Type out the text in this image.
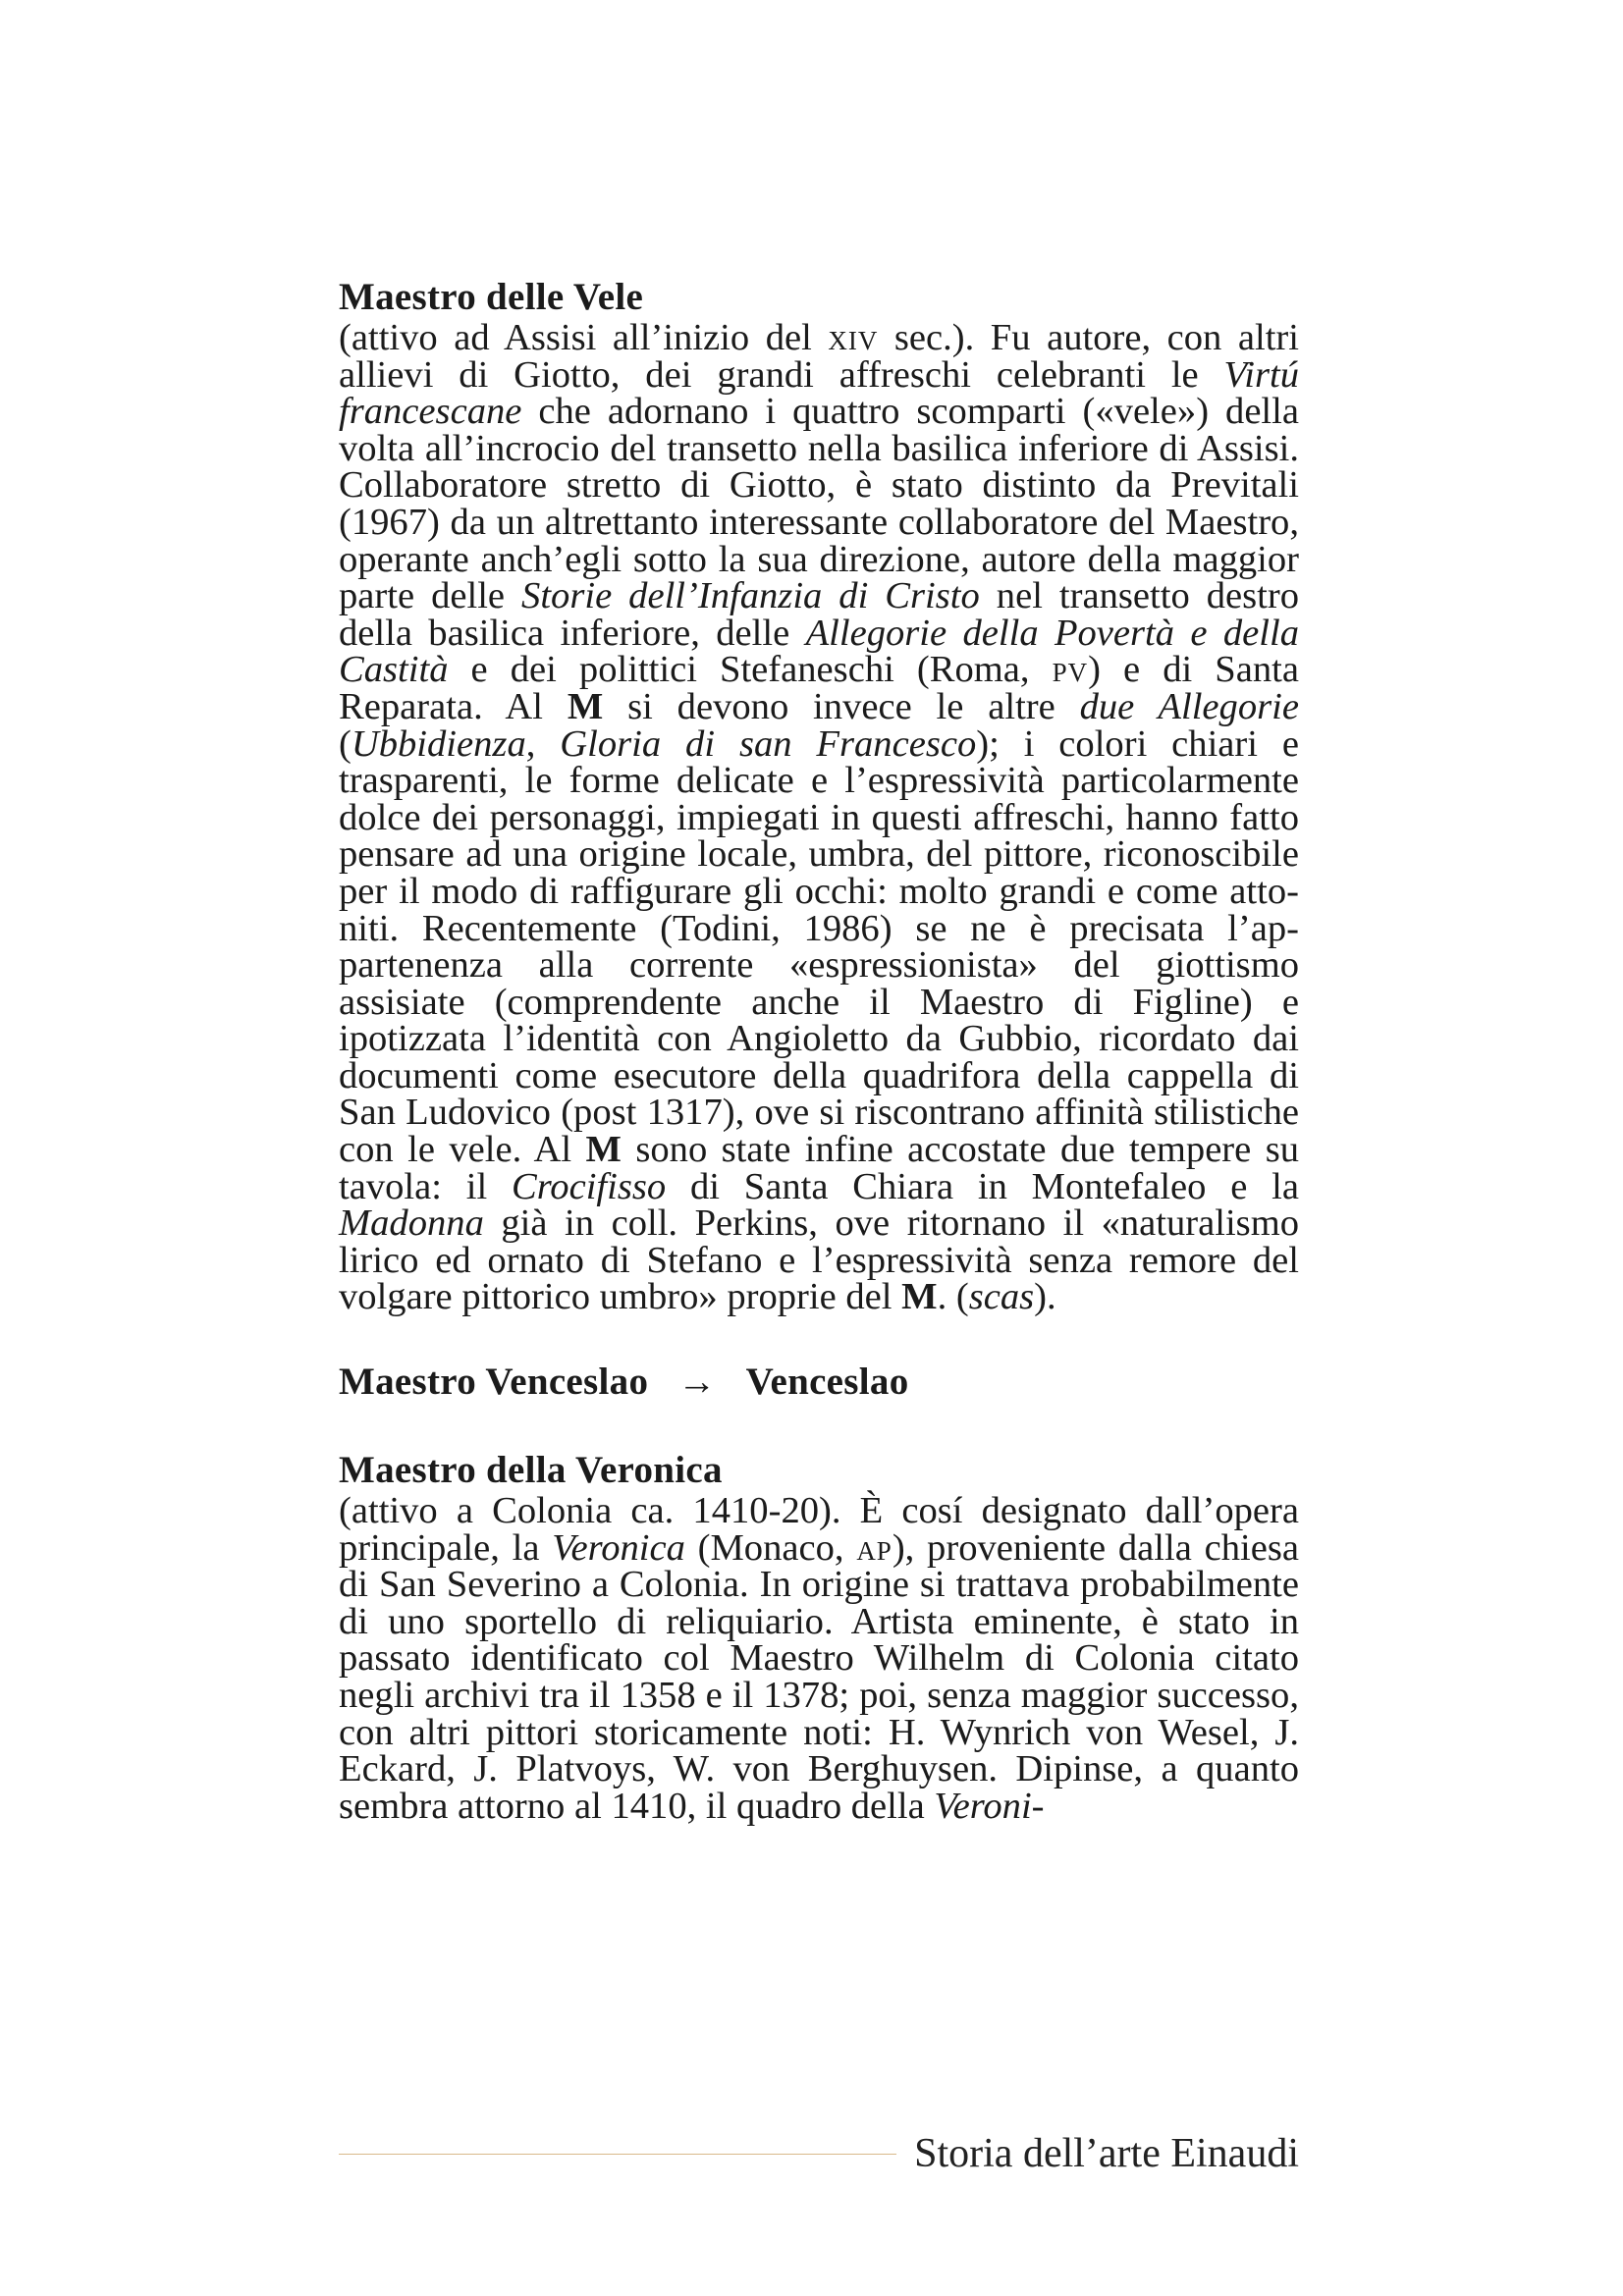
Maestro delle Vele

(attivo ad Assisi all’inizio del xiv sec.). Fu autore, con altri allievi di Giotto, dei grandi affreschi celebranti le Virtú francescane che adornano i quattro scomparti («vele») della volta all’incrocio del transetto nella basilica inferiore di Assisi. Collaboratore stretto di Giotto, è stato distinto da Previtali (1967) da un altrettanto interessante collaboratore del Maestro, operante anch’egli sotto la sua direzione, autore della maggior parte delle Storie dell’Infanzia di Cristo nel transetto destro della basilica inferiore, delle Allegorie della Povertà e della Castità e dei polittici Stefaneschi (Roma, pv) e di Santa Reparata. Al M si devono invece le altre due Allegorie (Ubbidienza, Gloria di san Francesco); i colori chiari e trasparenti, le forme delicate e l’espressività particolarmente dolce dei personaggi, impiegati in questi affreschi, hanno fatto pensare ad una origine locale, umbra, del pittore, riconoscibile per il modo di raffigurare gli occhi: molto grandi e come attoniti. Recentemente (Todini, 1986) se ne è precisata l’appartenenza alla corrente «espressionista» del giottismo assisiate (comprendente anche il Maestro di Figline) e ipotizzata l’identità con Angioletto da Gubbio, ricordato dai documenti come esecutore della quadrifora della cappella di San Ludovico (post 1317), ove si riscontrano affinità stilistiche con le vele. Al M sono state infine accostate due tempere su tavola: il Crocifisso di Santa Chiara in Montefaleo e la Madonna già in coll. Perkins, ove ritornano il «naturalismo lirico ed ornato di Stefano e l’espressività senza remore del volgare pittorico umbro» proprie del M. (scas).

Maestro Venceslao → Venceslao
Maestro della Veronica

(attivo a Colonia ca. 1410-20). È cosí designato dall’opera principale, la Veronica (Monaco, ap), proveniente dalla chiesa di San Severino a Colonia. In origine si trattava probabilmente di uno sportello di reliquiario. Artista eminente, è stato in passato identificato col Maestro Wilhelm di Colonia citato negli archivi tra il 1358 e il 1378; poi, senza maggior successo, con altri pittori storicamente noti: H. Wynrich von Wesel, J. Eckard, J. Platvoys, W. von Berghuysen. Dipinse, a quanto sembra attorno al 1410, il quadro della Veroni-

Storia dell’arte Einaudi
